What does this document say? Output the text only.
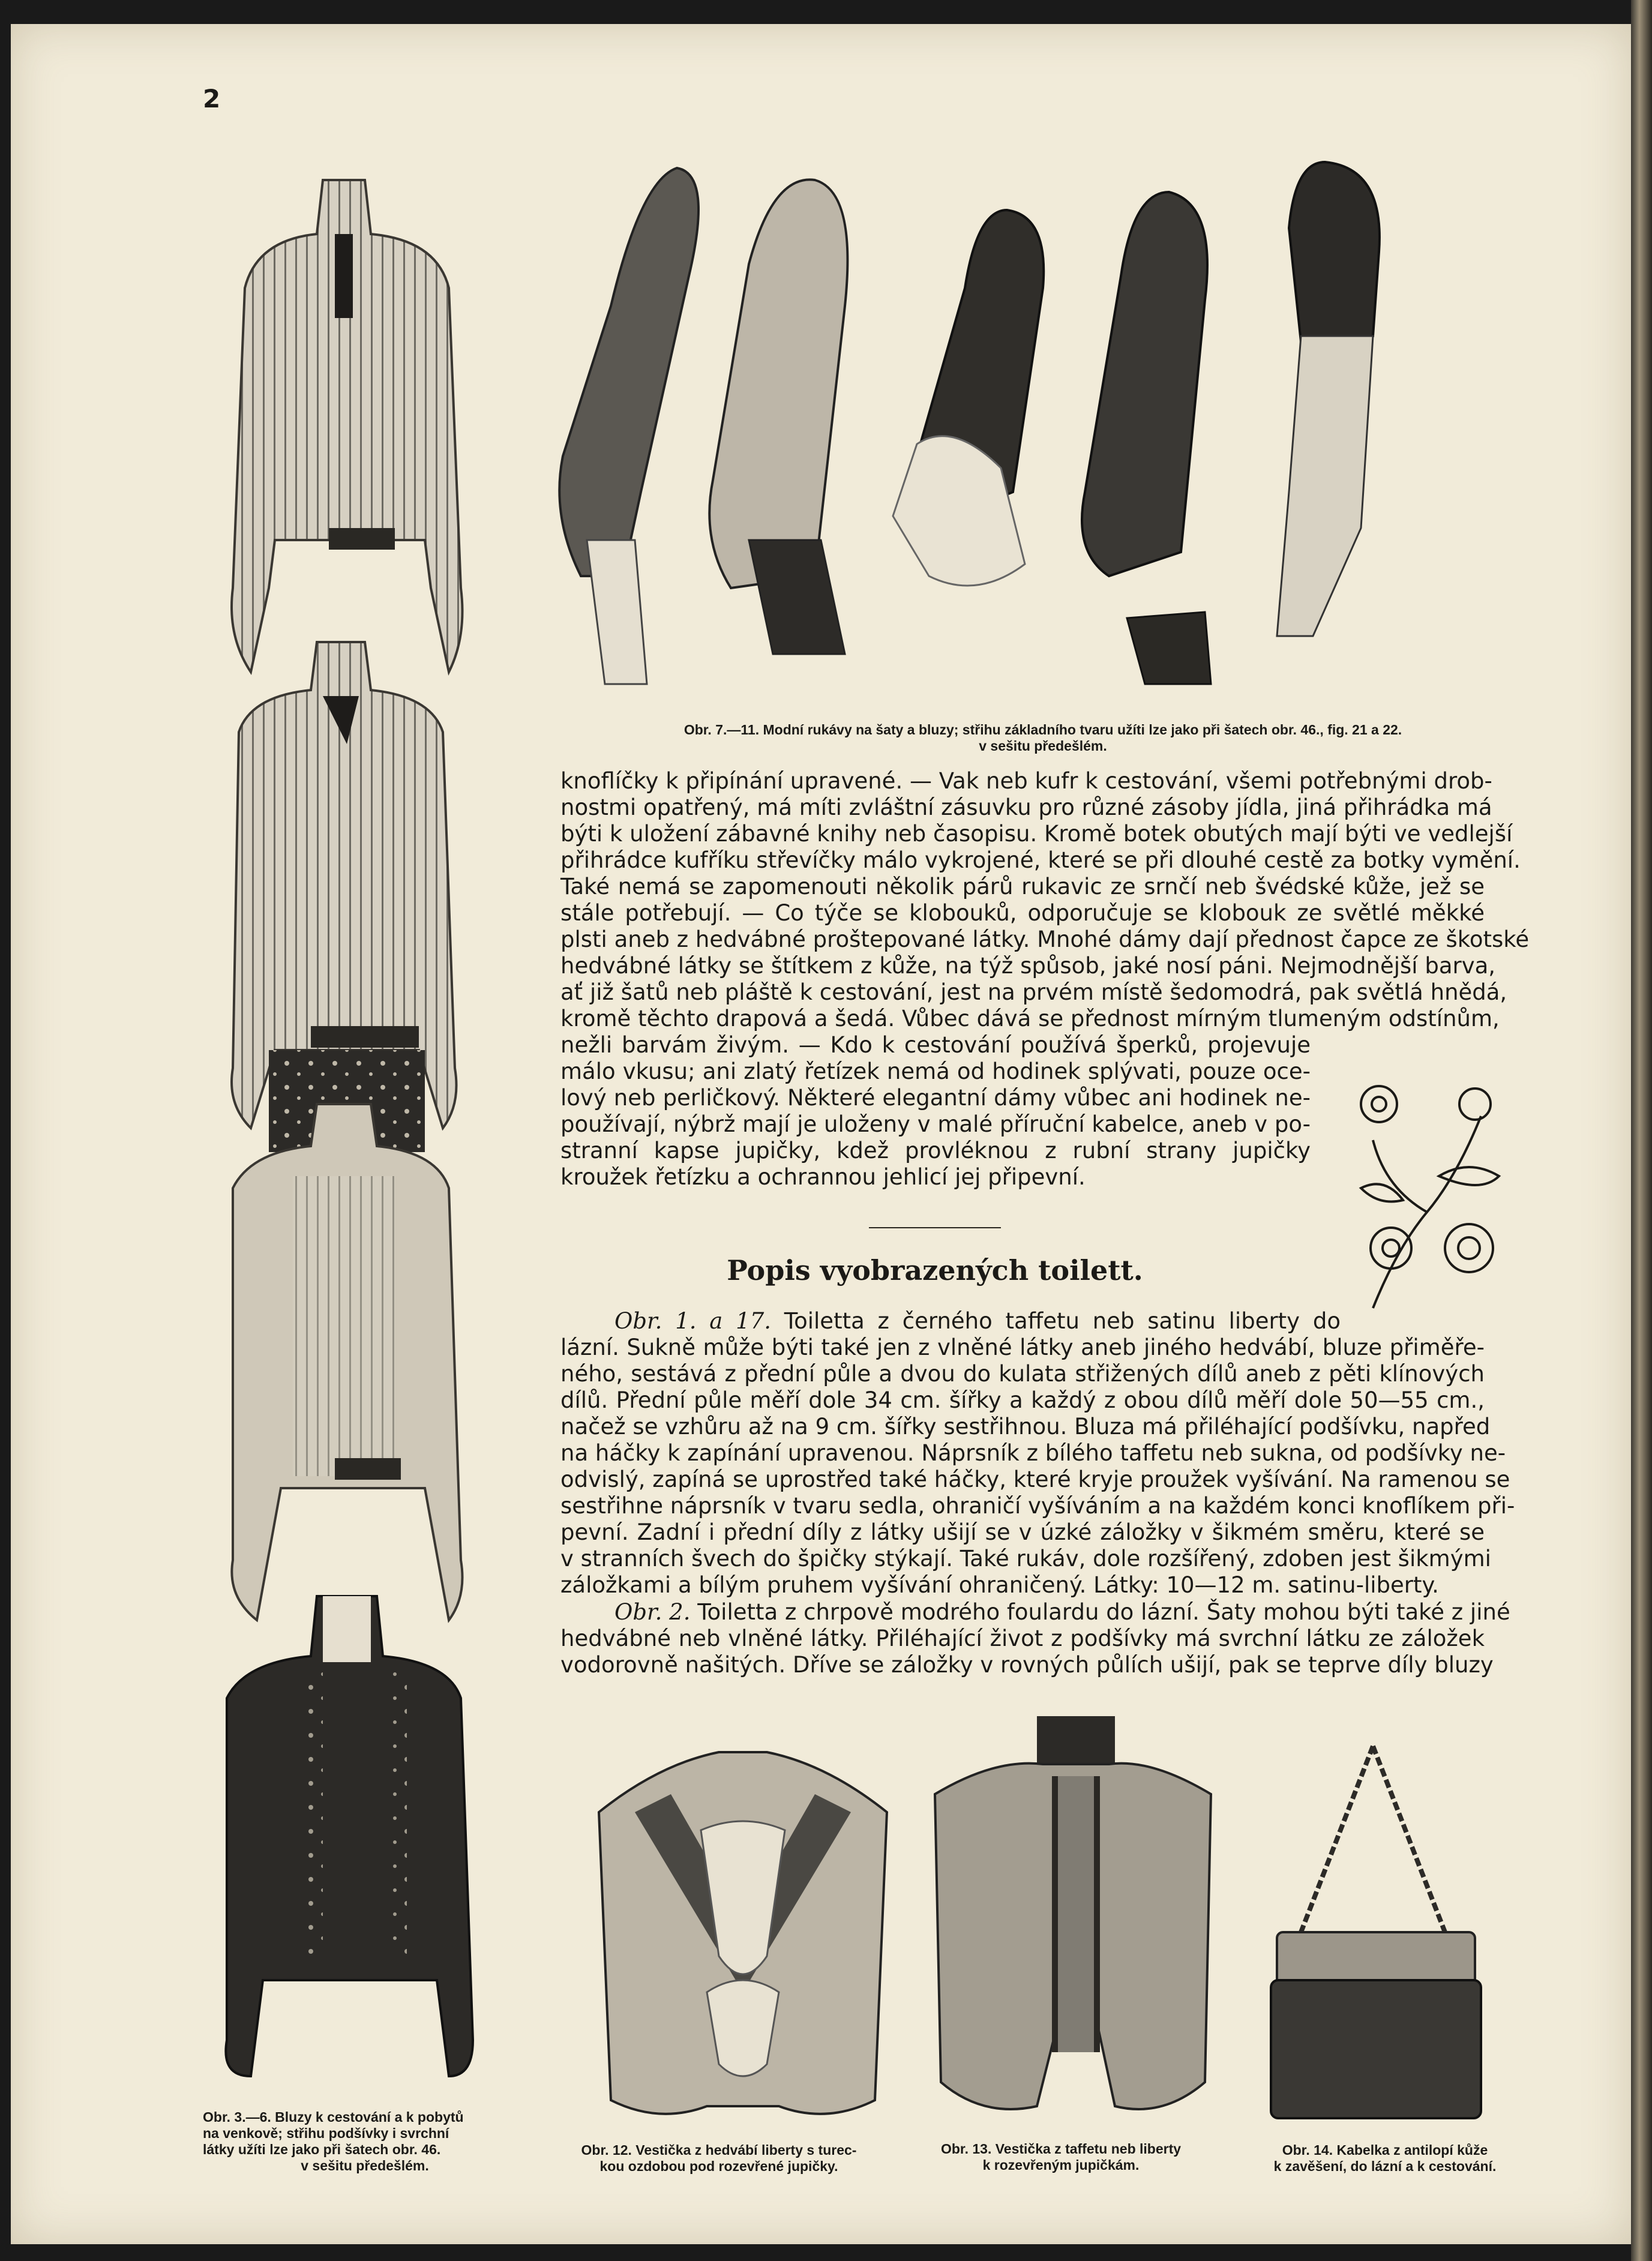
2
Obr. 7.—11. Modní rukávy na šaty a bluzy; střihu základního tvaru užíti lze jako při šatech obr. 46., fig. 21 a 22.
v sešitu předešlém.
knoflíčky k připínání upravené. — Vak neb kufr k cestování, všemi potřebnými drob-
nostmi opatřený, má míti zvláštní zásuvku pro různé zásoby jídla, jiná přihrádka má
býti k uložení zábavné knihy neb časopisu. Kromě botek obutých mají býti ve vedlejší
přihrádce kufříku střevíčky málo vykrojené, které se při dlouhé cestě za botky vymění.
Také nemá se zapomenouti několik párů rukavic ze srnčí neb švédské kůže, jež se
stále potřebují. — Co týče se klobouků, odporučuje se klobouk ze světlé měkké
plsti aneb z hedvábné proštepované látky. Mnohé dámy dají přednost čapce ze škotské
hedvábné látky se štítkem z kůže, na týž spůsob, jaké nosí páni. Nejmodnější barva,
ať již šatů neb pláště k cestování, jest na prvém místě šedomodrá, pak světlá hnědá,
kromě těchto drapová a šedá. Vůbec dává se přednost mírným tlumeným odstínům,
nežli barvám živým. — Kdo k cestování používá šperků, projevuje
málo vkusu; ani zlatý řetízek nemá od hodinek splývati, pouze oce-
lový neb perličkový. Některé elegantní dámy vůbec ani hodinek ne-
používají, nýbrž mají je uloženy v malé příruční kabelce, aneb v po-
stranní kapse jupičky, kdež provléknou z rubní strany jupičky
kroužek řetízku a ochrannou jehlicí jej připevní.
Popis vyobrazených toilett.
Obr. 1. a 17. Toiletta z černého taffetu neb satinu liberty do
lázní. Sukně může býti také jen z vlněné látky aneb jiného hedvábí, bluze přiměře-
ného, sestává z přední půle a dvou do kulata střižených dílů aneb z pěti klínových
dílů. Přední půle měří dole 34 cm. šířky a každý z obou dílů měří dole 50—55 cm.,
načež se vzhůru až na 9 cm. šířky sestřihnou. Bluza má přiléhající podšívku, napřed
na háčky k zapínání upravenou. Náprsník z bílého taffetu neb sukna, od podšívky ne-
odvislý, zapíná se uprostřed také háčky, které kryje proužek vyšívání. Na ramenou se
sestřihne náprsník v tvaru sedla, ohraničí vyšíváním a na každém konci knoflíkem při-
pevní. Zadní i přední díly z látky ušijí se v úzké záložky v šikmém směru, které se
v stranních švech do špičky stýkají. Také rukáv, dole rozšířený, zdoben jest šikmými
záložkami a bílým pruhem vyšívání ohraničený. Látky: 10—12 m. satinu-liberty.
Obr. 2. Toiletta z chrpově modrého foulardu do lázní. Šaty mohou býti také z jiné
hedvábné neb vlněné látky. Přiléhající život z podšívky má svrchní látku ze záložek
vodorovně našitých. Dříve se záložky v rovných půlích ušijí, pak se teprve díly bluzy
Obr. 3.—6. Bluzy k cestování a k pobytů
na venkově; střihu podšívky i svrchní
látky užíti lze jako při šatech obr. 46.
v sešitu předešlém.
Obr. 12. Vestička z hedvábí liberty s turec-
kou ozdobou pod rozevřené jupičky.
Obr. 13. Vestička z taffetu neb liberty
k rozevřeným jupičkám.
Obr. 14. Kabelka z antilopí kůže
k zavěšení, do lázní a k cestování.
